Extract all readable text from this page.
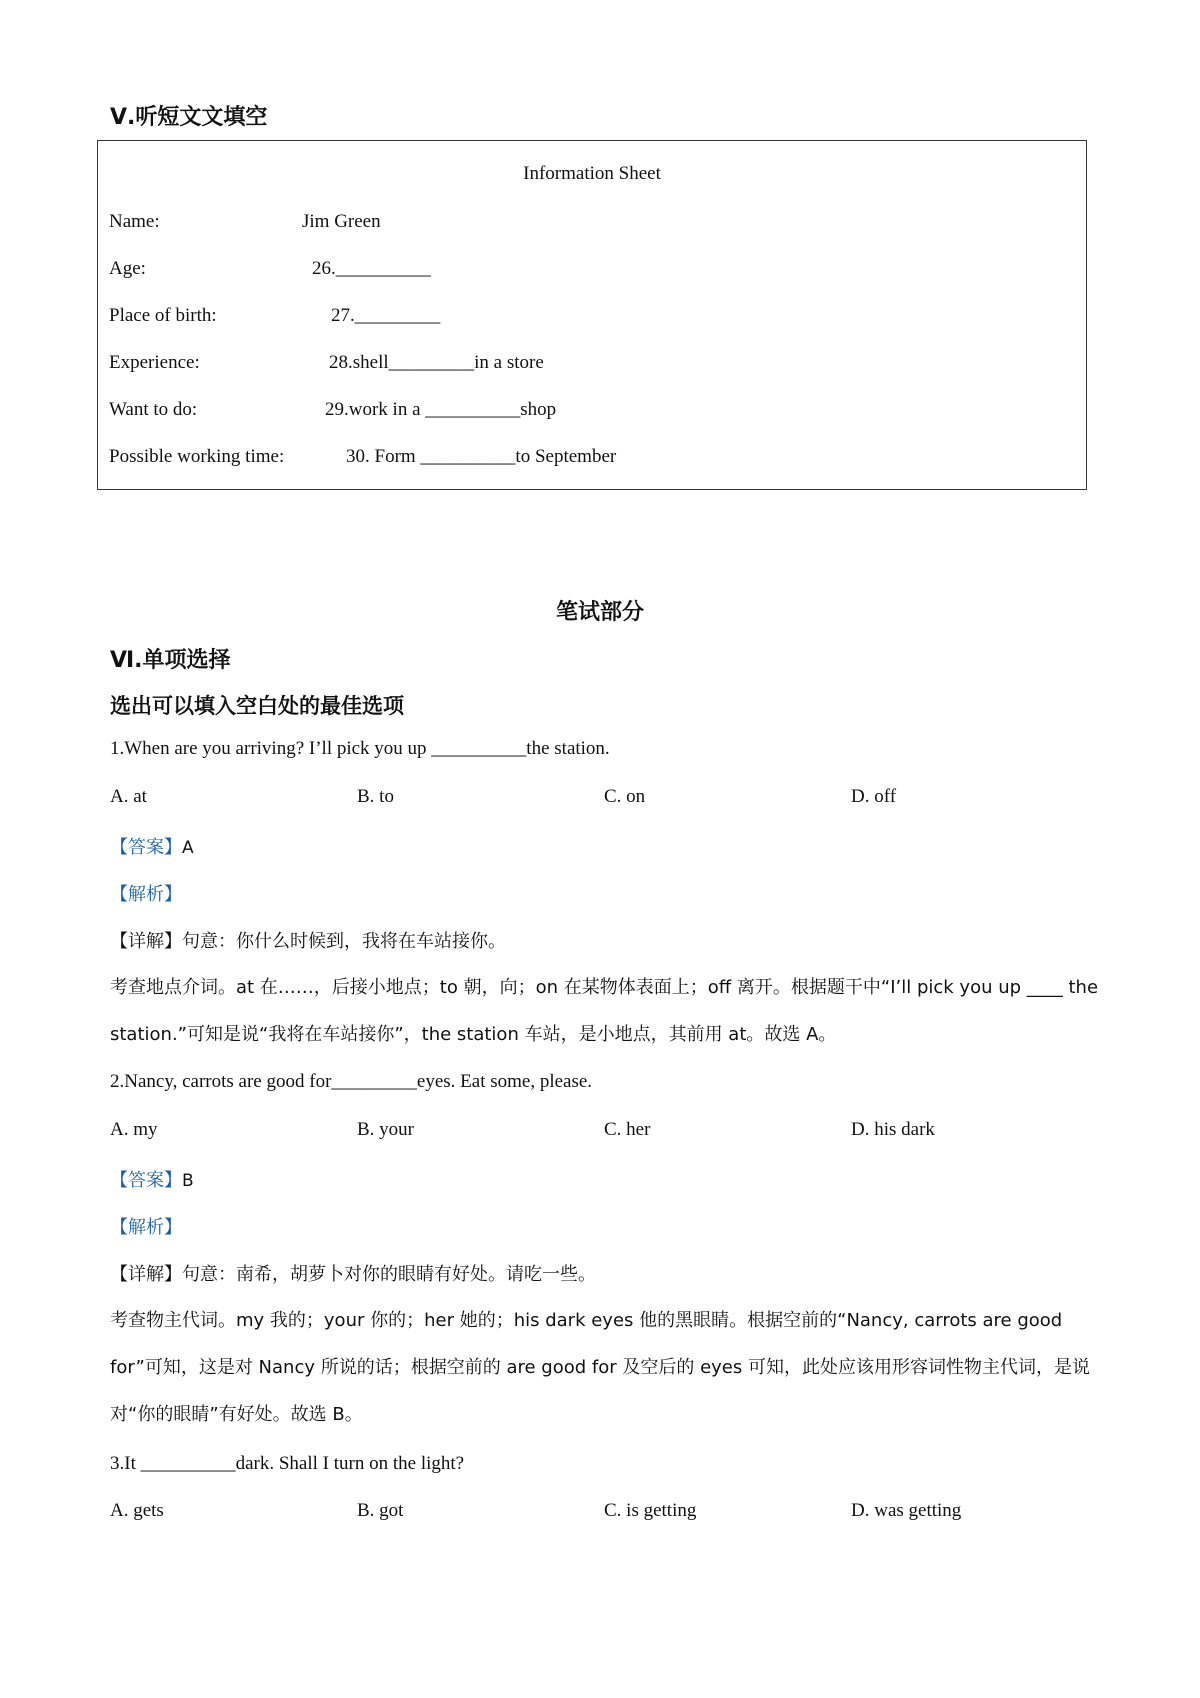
Ⅴ.听短文文填空
Information Sheet
Name:	Jim Green
Age:	26.__________
Place of birth:	27._________
Experience:	28.shell_________in a store
Want to do:	29.work in a __________shop
Possible working time:	30. Form __________to September
笔试部分
Ⅵ.单项选择
选出可以填入空白处的最佳选项
1.When are you arriving? I’ll pick you up __________the station.
A. at	B. to	C. on	D. off
【答案】A
【解析】
【详解】句意：你什么时候到，我将在车站接你。
考查地点介词。at 在……，后接小地点；to 朝，向；on 在某物体表面上；off 离开。根据题干中“I’ll pick you up ____ the station.”可知是说“我将在车站接你”，the station 车站，是小地点，其前用 at。故选 A。
2.Nancy, carrots are good for_________eyes. Eat some, please.
A. my	B. your	C. her	D. his dark
【答案】B
【解析】
【详解】句意：南希，胡萝卜对你的眼睛有好处。请吃一些。
考查物主代词。my 我的；your 你的；her 她的；his dark eyes 他的黑眼睛。根据空前的“Nancy, carrots are good for”可知，这是对 Nancy 所说的话；根据空前的 are good for 及空后的 eyes 可知，此处应该用形容词性物主代词，是说对“你的眼睛”有好处。故选 B。
3.It __________dark. Shall I turn on the light?
A. gets	B. got	C. is getting	D. was getting
